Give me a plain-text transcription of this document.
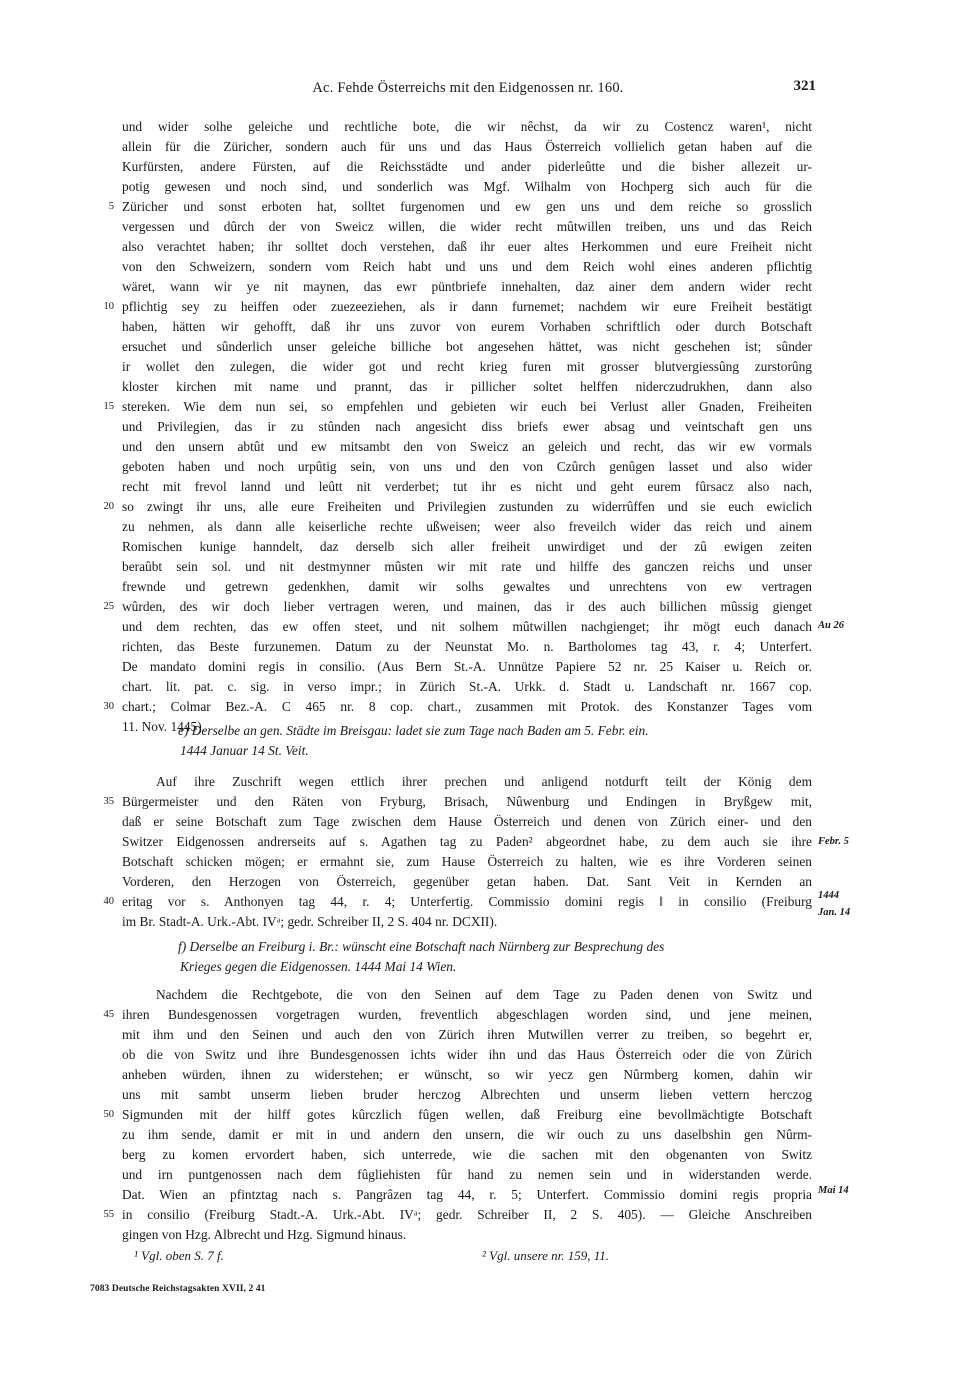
Ac. Fehde Österreichs mit den Eidgenossen nr. 160.	321
und wider solhe geleiche und rechtliche bote, die wir nêchst, da wir zu Costencz waren¹, nicht
allein für die Züricher, sondern auch für uns und das Haus Österreich vollielich getan haben auf die
Kurfürsten, andere Fürsten, auf die Reichsstädte und ander piderleûtte und die bisher allezeit ur-
potig gewesen und noch sind, und sonderlich was Mgf. Wilhalm von Hochperg sich auch für die
5 Züricher und sonst erboten hat, solltet furgenomen und ew gen uns und dem reiche so grosslich
vergessen und dûrch der von Sweicz willen, die wider recht mûtwillen treiben, uns und das Reich
also verachtet haben; ihr solltet doch verstehen, daß ihr euer altes Herkommen und eure Freiheit nicht
von den Schweizern, sondern vom Reich habt und uns und dem Reich wohl eines anderen pflichtig
wäret, wann wir ye nit maynen, das ewr püntbriefe innehalten, daz ainer dem andern wider recht
10 pflichtig sey zu heiffen oder zuezeeziehen, als ir dann furnemet; nachdem wir eure Freiheit bestätigt
haben, hätten wir gehofft, daß ihr uns zuvor von eurem Vorhaben schriftlich oder durch Botschaft
ersuchet und sûnderlich unser geleiche billiche bot angesehen hättet, was nicht geschehen ist; sûnder
ir wollet den zulegen, die wider got und recht krieg furen mit grosser blutvergiessûng zurstorûng
kloster kirchen mit name und prannt, das ir pillicher soltet helffen niderczudrukhen, dann also
15 stereken. Wie dem nun sei, so empfehlen und gebieten wir euch bei Verlust aller Gnaden, Freiheiten
und Privilegien, das ir zu stûnden nach angesicht diss briefs ewer absag und veintschaft gen uns
und den unsern abtût und ew mitsambt den von Sweicz an geleich und recht, das wir ew vormals
geboten haben und noch urpûtig sein, von uns und den von Czûrch genûgen lasset und also wider
recht mit frevol lannd und leûtt nit verderbet; tut ihr es nicht und geht eurem fûrsacz also nach,
20 so zwingt ihr uns, alle eure Freiheiten und Privilegien zustunden zu widerrûffen und sie euch ewiclich
zu nehmen, als dann alle keiserliche rechte ußweisen; weer also freveilch wider das reich und ainem
Romischen kunige hanndelt, daz derselb sich aller freiheit unwirdiget und der zû ewigen zeiten
beraûbt sein sol. und nit destmynner mûsten wir mit rate und hilffe des ganczen reichs und unser
frewnde und getrewn gedenkhen, damit wir solhs gewaltes und unrechtens von ew vertragen
25 wûrden, des wir doch lieber vertragen weren, und mainen, das ir des auch billichen mûssig gienget
und dem rechten, das ew offen steet, und nit solhem mûtwillen nachgienget; ihr mögt euch danach
richten, das Beste furzunemen. Datum zu der Neunstat Mo. n. Bartholomes tag 43, r. 4; Unterfert.
De mandato domini regis in consilio. (Aus Bern St.-A. Unnütze Papiere 52 nr. 25 Kaiser u. Reich or.
chart. lit. pat. c. sig. in verso impr.; in Zürich St.-A. Urkk. d. Stadt u. Landschaft nr. 1667 cop.
30 chart.; Colmar Bez.-A. C 465 nr. 8 cop. chart., zusammen mit Protok. des Konstanzer Tages vom
11. Nov. 1445).
e) Derselbe an gen. Städte im Breisgau: ladet sie zum Tage nach Baden am 5. Febr. ein.
1444 Januar 14 St. Veit.
Auf ihre Zuschrift wegen ettlich ihrer prechen und anligend notdurft teilt der König dem
35 Bürgermeister und den Räten von Fryburg, Brisach, Nûwenburg und Endingen in Bryßgew mit,
daß er seine Botschaft zum Tage zwischen dem Hause Österreich und denen von Zürich einer- und den
Switzer Eidgenossen andrerseits auf s. Agathen tag zu Paden² abgeordnet habe, zu dem auch sie ihre
Botschaft schicken mögen; er ermahnt sie, zum Hause Österreich zu halten, wie es ihre Vorderen seinen
Vorderen, den Herzogen von Österreich, gegenüber getan haben. Dat. Sant Veit in Kernden an
40 eritag vor s. Anthonyen tag 44, r. 4; Unterfertig. Commissio domini regis ‖ in consilio (Freiburg
im Br. Stadt-A. Urk.-Abt. IVᵃ; gedr. Schreiber II, 2 S. 404 nr. DCXII).
f) Derselbe an Freiburg i. Br.: wünscht eine Botschaft nach Nürnberg zur Besprechung des
Krieges gegen die Eidgenossen. 1444 Mai 14 Wien.
Nachdem die Rechtgebote, die von den Seinen auf dem Tage zu Paden denen von Switz und
45 ihren Bundesgenossen vorgetragen wurden, freventlich abgeschlagen worden sind, und jene meinen,
mit ihm und den Seinen und auch den von Zürich ihren Mutwillen verrer zu treiben, so begehrt er,
ob die von Switz und ihre Bundesgenossen ichts wider ihn und das Haus Österreich oder die von Zürich
anheben würden, ihnen zu widerstehen; er wünscht, so wir yecz gen Nûrmberg komen, dahin wir
uns mit sambt unserm lieben bruder herczog Albrechten und unserm lieben vettern herczog
50 Sigmunden mit der hilff gotes kûrczlich fûgen wellen, daß Freiburg eine bevollmächtigte Botschaft
zu ihm sende, damit er mit in und andern den unsern, die wir ouch zu uns daselbshin gen Nûrm-
berg zu komen ervordert haben, sich unterrede, wie die sachen mit den obgenanten von Switz
und irn puntgenossen nach dem fûgliehisten fûr hand zu nemen sein und in widerstanden werde.
Dat. Wien an pfintztag nach s. Pangrâzen tag 44, r. 5; Unterfert. Commissio domini regis propria
55 in consilio (Freiburg Stadt.-A. Urk.-Abt. IVᵃ; gedr. Schreiber II, 2 S. 405). — Gleiche Anschreiben
gingen von Hzg. Albrecht und Hzg. Sigmund hinaus.
Au 26
Febr. 5
1444
Jan. 14
Mai 14
¹ Vgl. oben S. 7 f.	² Vgl. unsere nr. 159, 11.
7083 Deutsche Reichstagsakten XVII, 2 41
